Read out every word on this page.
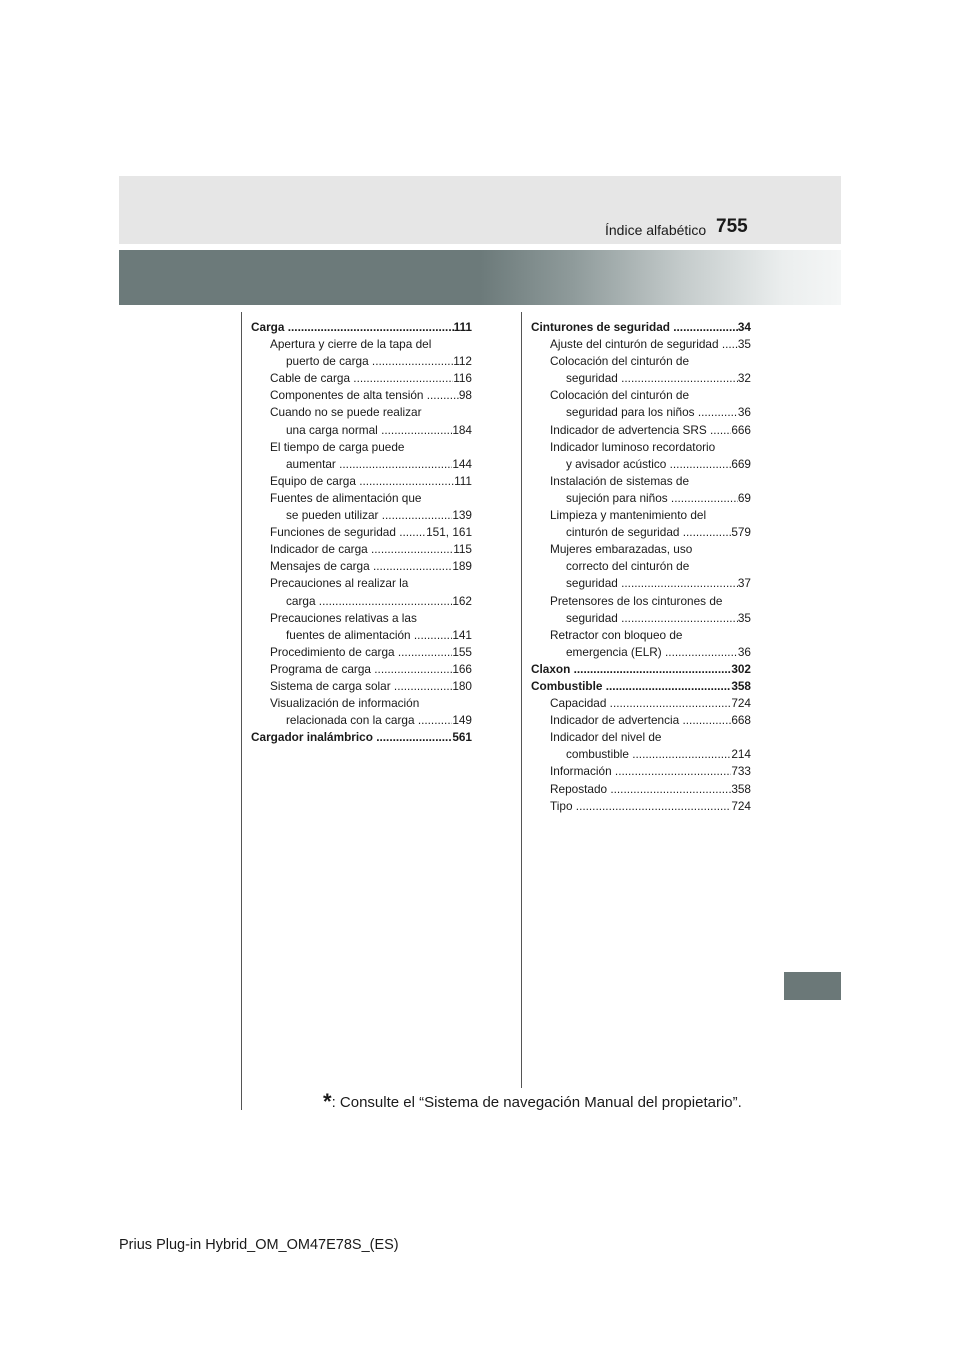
755
Índice alfabético
Carga .....	111
Apertura y cierre de la tapa del
puerto de carga .....	112
Cable de carga .....	116
Componentes de alta tensión .....	98
Cuando no se puede realizar
una carga normal .....	184
El tiempo de carga puede
aumentar .....	144
Equipo de carga .....	111
Fuentes de alimentación que
se pueden utilizar .....	139
Funciones de seguridad .....	151, 161
Indicador de carga .....	115
Mensajes de carga .....	189
Precauciones al realizar la
carga .....	162
Precauciones relativas a las
fuentes de alimentación .....	141
Procedimiento de carga .....	155
Programa de carga .....	166
Sistema de carga solar .....	180
Visualización de información
relacionada con la carga .....	149
Cargador inalámbrico .....	561
Cinturones de seguridad .....	34
Ajuste del cinturón de seguridad .....	35
Colocación del cinturón de
seguridad .....	32
Colocación del cinturón de
seguridad para los niños .....	36
Indicador de advertencia SRS .....	666
Indicador luminoso recordatorio
y avisador acústico .....	669
Instalación de sistemas de
sujeción para niños .....	69
Limpieza y mantenimiento del
cinturón de seguridad .....	579
Mujeres embarazadas, uso
correcto del cinturón de
seguridad .....	37
Pretensores de los cinturones de
seguridad .....	35
Retractor con bloqueo de
emergencia (ELR) .....	36
Claxon .....	302
Combustible .....	358
Capacidad .....	724
Indicador de advertencia .....	668
Indicador del nivel de
combustible .....	214
Información .....	733
Repostado .....	358
Tipo .....	724
*: Consulte el “Sistema de navegación Manual del propietario”.
Prius Plug-in Hybrid_OM_OM47E78S_(ES)
